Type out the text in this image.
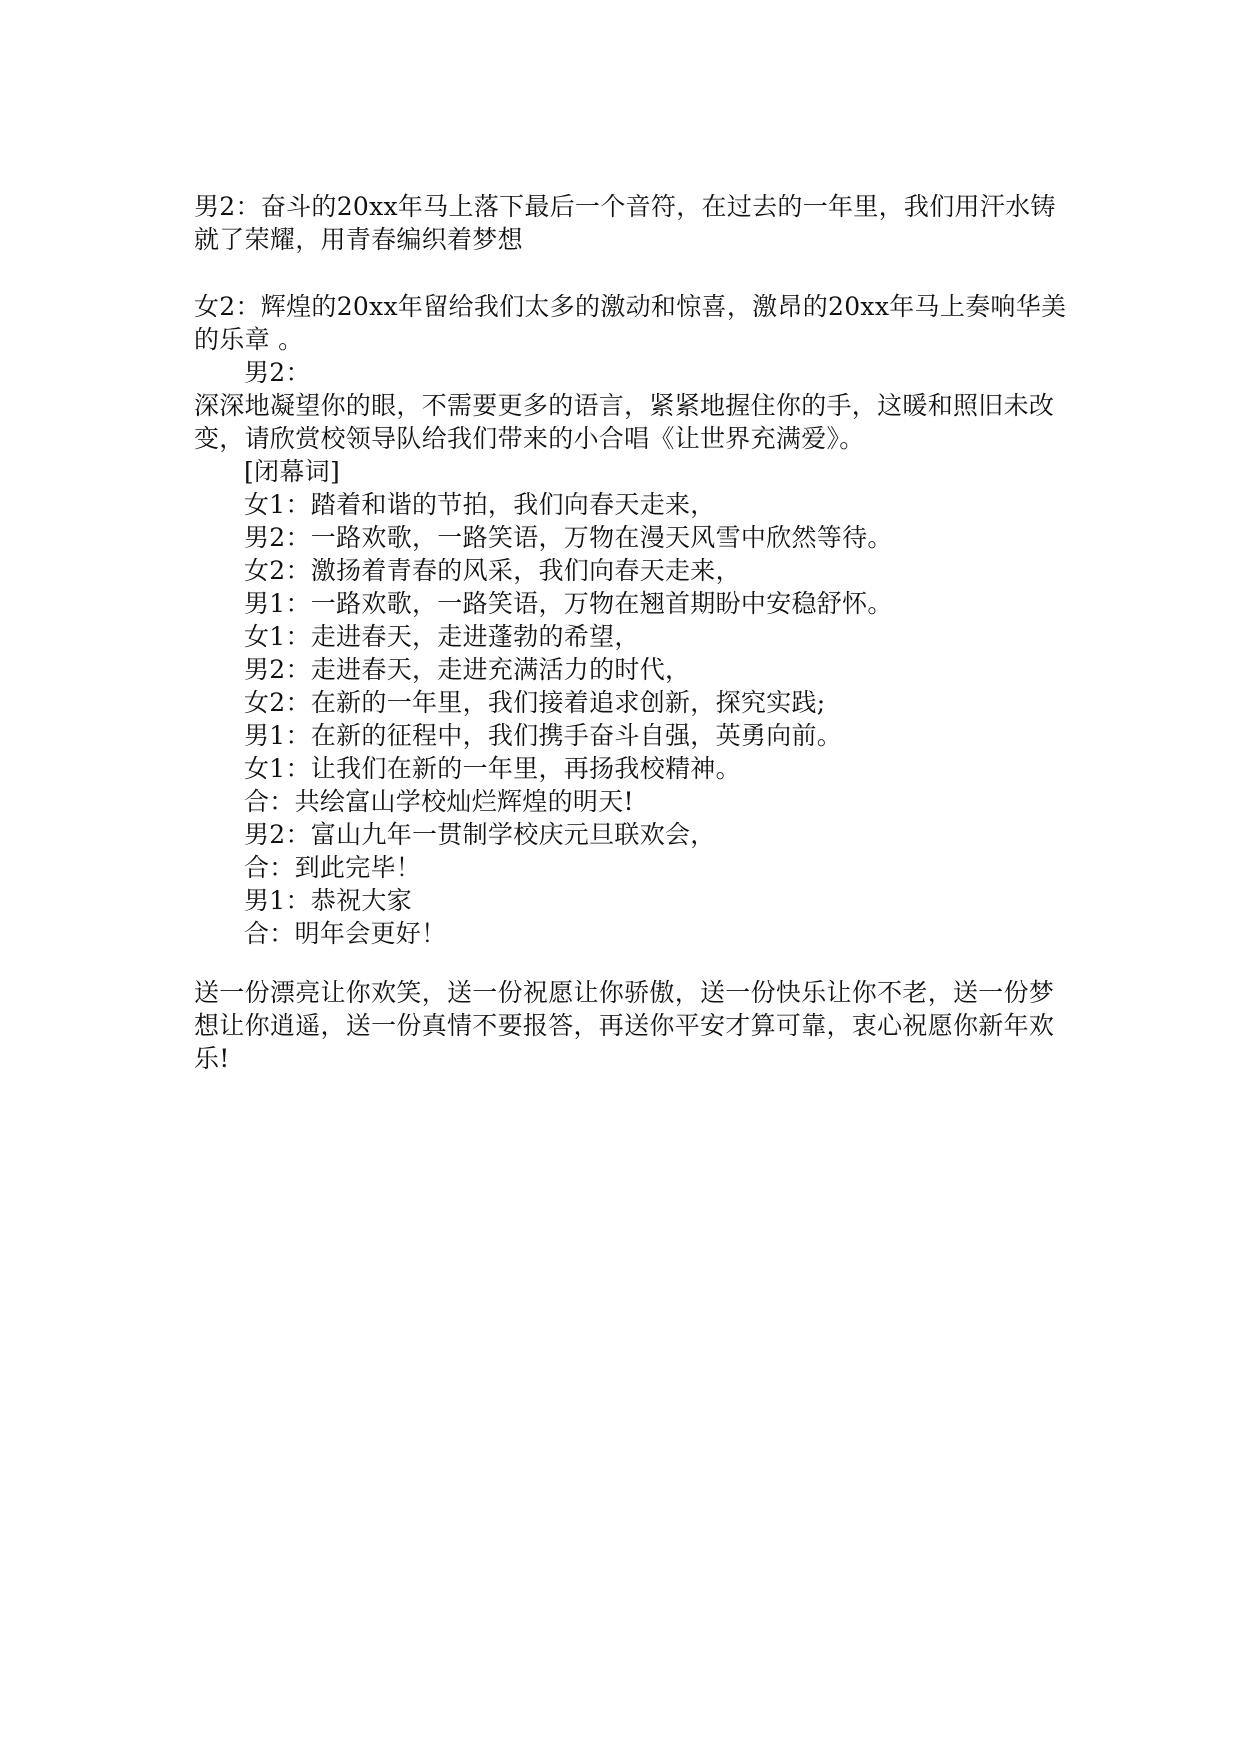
男2：奋斗的20xx年马上落下最后一个音符，在过去的一年里，我们用汗水铸
就了荣耀，用青春编织着梦想
女2：辉煌的20xx年留给我们太多的激动和惊喜，激昂的20xx年马上奏响华美
的乐章 。
男2：
深深地凝望你的眼，不需要更多的语言，紧紧地握住你的手，这暖和照旧未改
变，请欣赏校领导队给我们带来的小合唱《让世界充满爱》。
[闭幕词]
女1：踏着和谐的节拍，我们向春天走来，
男2：一路欢歌，一路笑语，万物在漫天风雪中欣然等待。
女2：激扬着青春的风采，我们向春天走来，
男1：一路欢歌，一路笑语，万物在翘首期盼中安稳舒怀。
女1：走进春天，走进蓬勃的希望，
男2：走进春天，走进充满活力的时代，
女2：在新的一年里，我们接着追求创新，探究实践;
男1：在新的征程中，我们携手奋斗自强，英勇向前。
女1：让我们在新的一年里，再扬我校精神。
合：共绘富山学校灿烂辉煌的明天!
男2：富山九年一贯制学校庆元旦联欢会，
合：到此完毕！
男1：恭祝大家
合：明年会更好！
送一份漂亮让你欢笑，送一份祝愿让你骄傲，送一份快乐让你不老，送一份梦
想让你逍遥，送一份真情不要报答，再送你平安才算可靠，衷心祝愿你新年欢
乐!
